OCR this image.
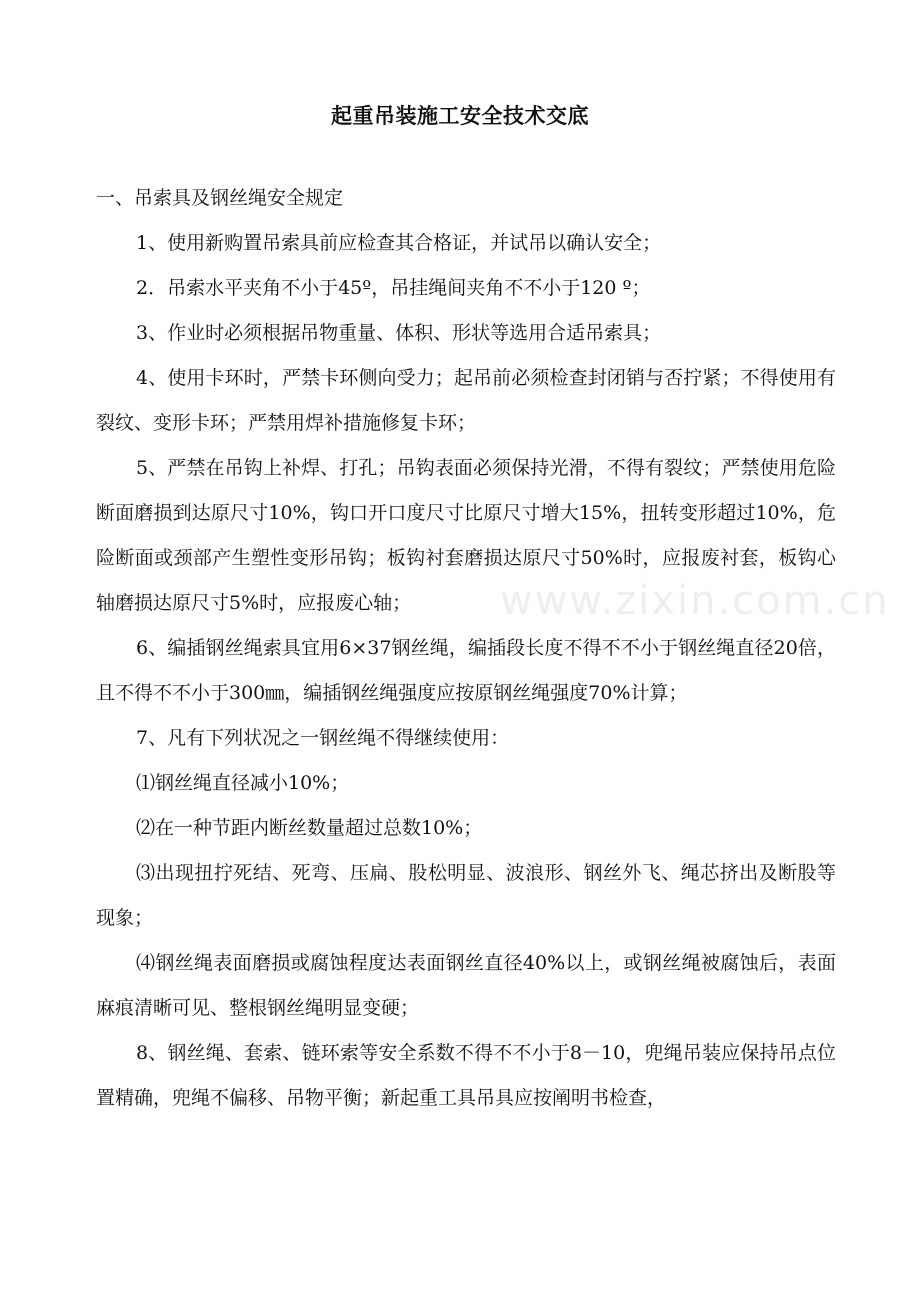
起重吊装施工安全技术交底

一、吊索具及钢丝绳安全规定

1、使用新购置吊索具前应检查其合格证，并试吊以确认安全；

2．吊索水平夹角不小于45º，吊挂绳间夹角不不小于120 º；

3、作业时必须根据吊物重量、体积、形状等选用合适吊索具；

4、使用卡环时，严禁卡环侧向受力；起吊前必须检查封闭销与否拧紧；不得使用有裂纹、变形卡环；严禁用焊补措施修复卡环；

5、严禁在吊钩上补焊、打孔；吊钩表面必须保持光滑，不得有裂纹；严禁使用危险断面磨损到达原尺寸10%，钩口开口度尺寸比原尺寸增大15%，扭转变形超过10%，危险断面或颈部产生塑性变形吊钩；板钩衬套磨损达原尺寸50%时，应报废衬套，板钩心轴磨损达原尺寸5%时，应报废心轴；

6、编插钢丝绳索具宜用6×37钢丝绳，编插段长度不得不不小于钢丝绳直径20倍，且不得不不小于300㎜，编插钢丝绳强度应按原钢丝绳强度70%计算；

7、凡有下列状况之一钢丝绳不得继续使用：

⑴钢丝绳直径减小10%；

⑵在一种节距内断丝数量超过总数10%；

⑶出现扭拧死结、死弯、压扁、股松明显、波浪形、钢丝外飞、绳芯挤出及断股等现象；

⑷钢丝绳表面磨损或腐蚀程度达表面钢丝直径40%以上，或钢丝绳被腐蚀后，表面麻痕清晰可见、整根钢丝绳明显变硬；

8、钢丝绳、套索、链环索等安全系数不得不不小于8－10，兜绳吊装应保持吊点位置精确，兜绳不偏移、吊物平衡；新起重工具吊具应按阐明书检查，

www.zixin.com.cn
